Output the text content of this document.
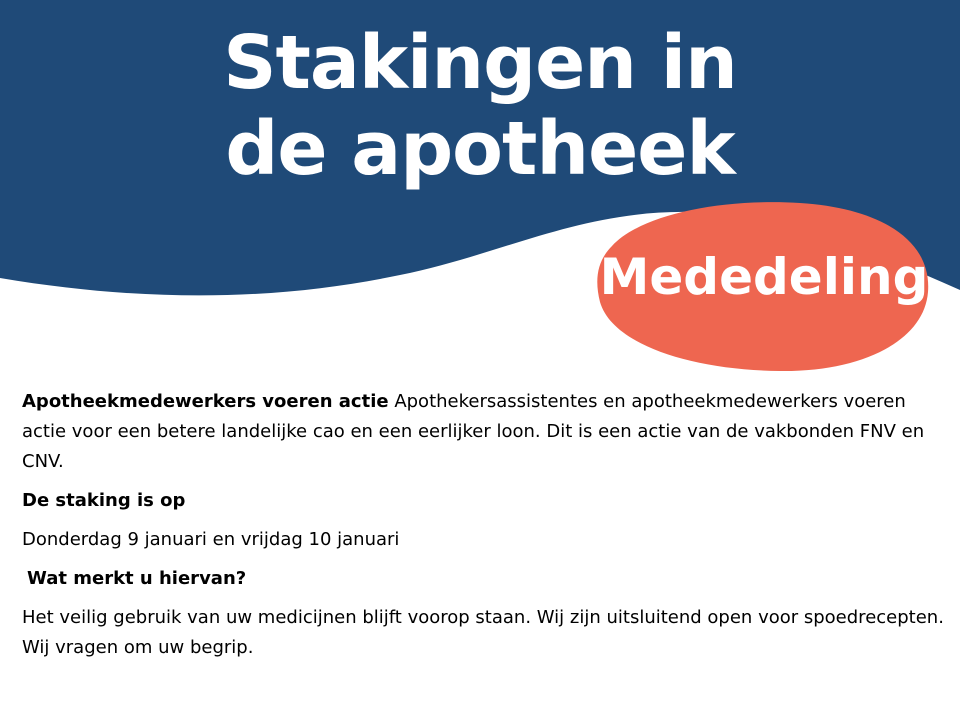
Stakingen in
de apotheek
Mededeling

Apotheekmedewerkers voeren actie Apothekersassistentes en apotheekmedewerkers voeren actie voor een betere landelijke cao en een eerlijker loon. Dit is een actie van de vakbonden FNV en CNV.

De staking is op

Donderdag 9 januari en vrijdag 10 januari

Wat merkt u hiervan?

Het veilig gebruik van uw medicijnen blijft voorop staan. Wij zijn uitsluitend open voor spoedrecepten. Wij vragen om uw begrip.
